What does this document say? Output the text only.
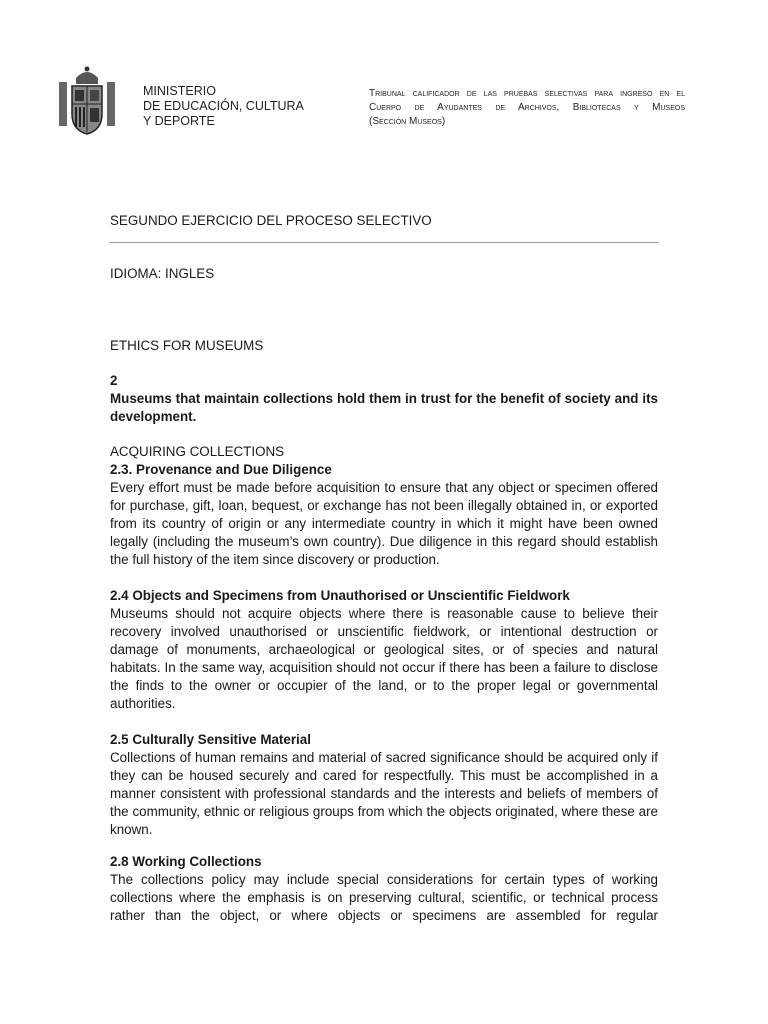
MINISTERIO
DE EDUCACIÓN, CULTURA
Y DEPORTE
Tribunal calificador de las pruebas selectivas para ingreso en el
Cuerpo de Ayudantes de Archivos, Bibliotecas y Museos
(Sección Museos)
SEGUNDO EJERCICIO DEL PROCESO SELECTIVO
IDIOMA: INGLES
ETHICS FOR MUSEUMS
2
Museums that maintain collections hold them in trust for the benefit of society and its development.
ACQUIRING COLLECTIONS
2.3. Provenance and Due Diligence
Every effort must be made before acquisition to ensure that any object or specimen offered for purchase, gift, loan, bequest, or exchange has not been illegally obtained in, or exported from its country of origin or any intermediate country in which it might have been owned legally (including the museum’s own country). Due diligence in this regard should establish the full history of the item since discovery or production.
2.4 Objects and Specimens from Unauthorised or Unscientific Fieldwork
Museums should not acquire objects where there is reasonable cause to believe their recovery involved unauthorised or unscientific fieldwork, or intentional destruction or damage of monuments, archaeological or geological sites, or of species and natural habitats. In the same way, acquisition should not occur if there has been a failure to disclose the finds to the owner or occupier of the land, or to the proper legal or governmental authorities.
2.5 Culturally Sensitive Material
Collections of human remains and material of sacred significance should be acquired only if they can be housed securely and cared for respectfully. This must be accomplished in a manner consistent with professional standards and the interests and beliefs of members of the community, ethnic or religious groups from which the objects originated, where these are known.
2.8 Working Collections
The collections policy may include special considerations for certain types of working collections where the emphasis is on preserving cultural, scientific, or technical process rather than the object, or where objects or specimens are assembled for regular
